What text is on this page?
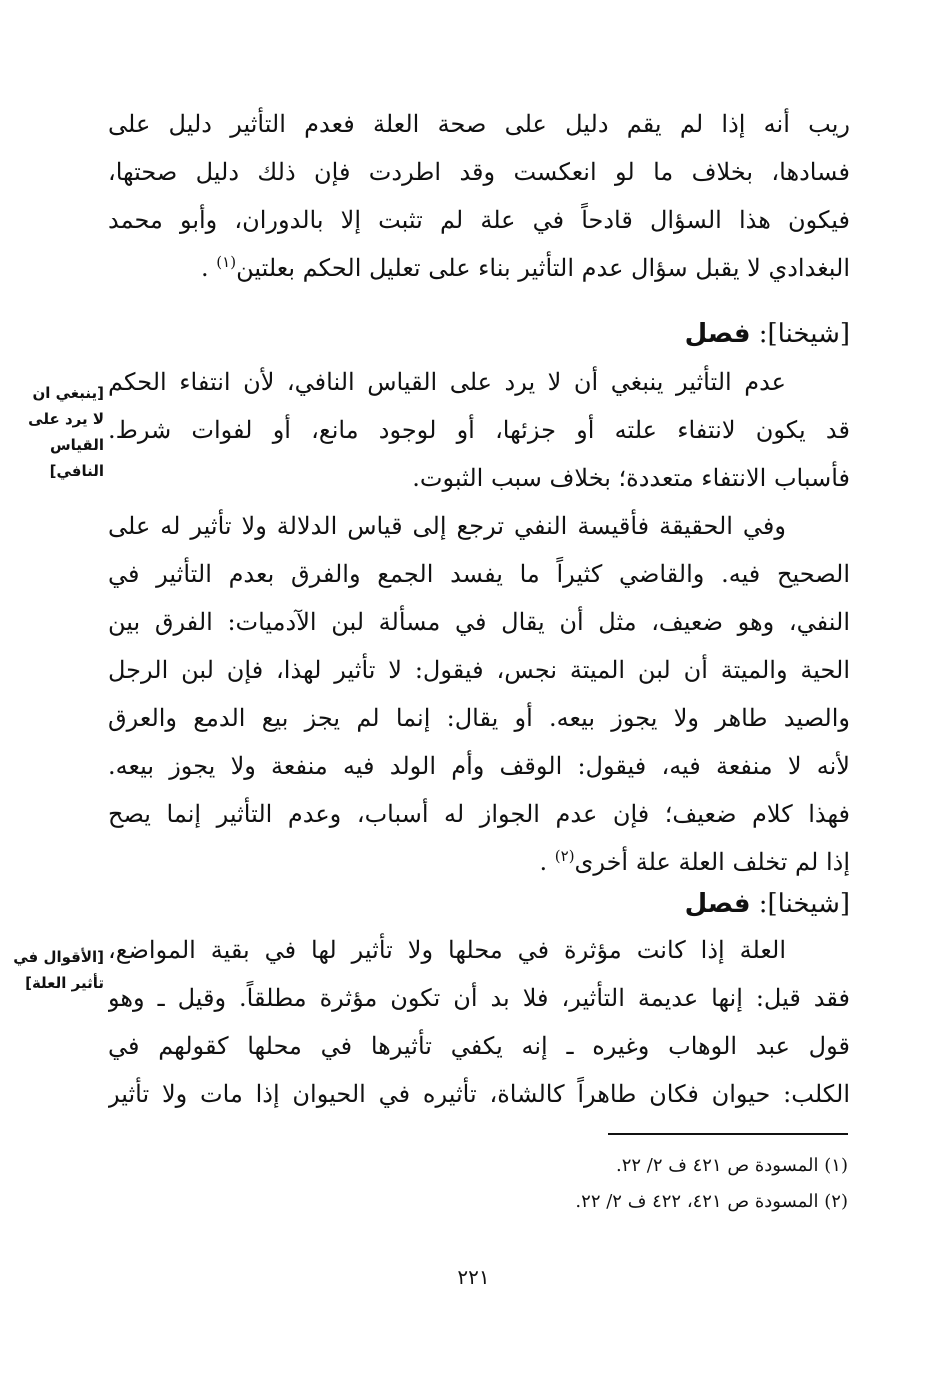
ريب أنه إذا لم يقم دليل على صحة العلة فعدم التأثير دليل على
فسادها، بخلاف ما لو انعكست وقد اطردت فإن ذلك دليل صحتها،
فيكون هذا السؤال قادحاً في علة لم تثبت إلا بالدوران، وأبو محمد
البغدادي لا يقبل سؤال عدم التأثير بناء على تعليل الحكم بعلتين$^{(١)}$ .
[شيخنا]: فصل
[ينبغي ان
لا يرد على
القياس
النافي]
عدم التأثير ينبغي أن لا يرد على القياس النافي، لأن انتفاء الحكم
قد يكون لانتفاء علته أو جزئها، أو لوجود مانع، أو لفوات شرط.
فأسباب الانتفاء متعددة؛ بخلاف سبب الثبوت.
وفي الحقيقة فأقيسة النفي ترجع إلى قياس الدلالة ولا تأثير له على
الصحيح فيه. والقاضي كثيراً ما يفسد الجمع والفرق بعدم التأثير في
النفي، وهو ضعيف، مثل أن يقال في مسألة لبن الآدميات: الفرق بين
الحية والميتة أن لبن الميتة نجس، فيقول: لا تأثير لهذا، فإن لبن الرجل
والصيد طاهر ولا يجوز بيعه. أو يقال: إنما لم يجز بيع الدمع والعرق
لأنه لا منفعة فيه، فيقول: الوقف وأم الولد فيه منفعة ولا يجوز بيعه.
فهذا كلام ضعيف؛ فإن عدم الجواز له أسباب، وعدم التأثير إنما يصح
إذا لم تخلف العلة علة أخرى$^{(٢)}$ .
[شيخنا]: فصل
[الأقوال في
تأثير العلة]
العلة إذا كانت مؤثرة في محلها ولا تأثير لها في بقية المواضع،
فقد قيل: إنها عديمة التأثير، فلا بد أن تكون مؤثرة مطلقاً. وقيل ـ وهو
قول عبد الوهاب وغيره ـ إنه يكفي تأثيرها في محلها كقولهم في
الكلب: حيوان فكان طاهراً كالشاة، تأثيره في الحيوان إذا مات ولا تأثير
(١) المسودة ص ٤٢١ ف ٢/ ٢٢.
(٢) المسودة ص ٤٢١، ٤٢٢ ف ٢/ ٢٢.
٢٢١
